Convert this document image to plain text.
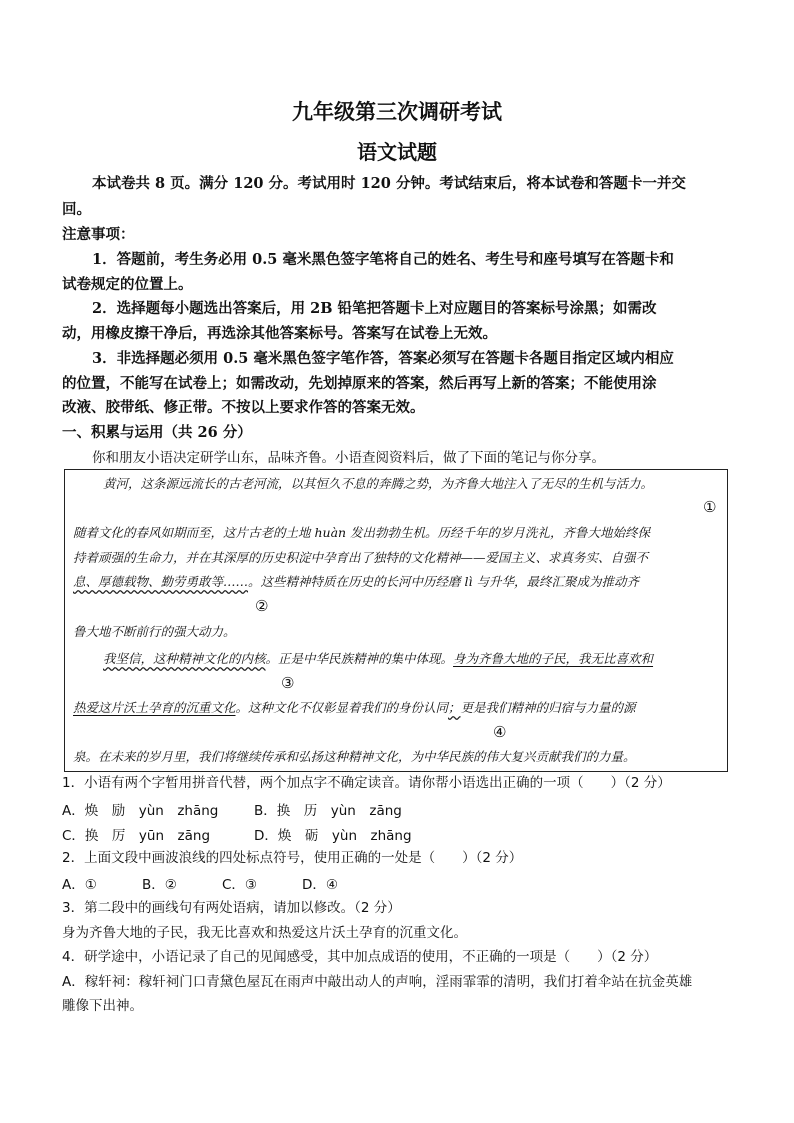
九年级第三次调研考试
语文试题
本试卷共 8 页。满分 120 分。考试用时 120 分钟。考试结束后，将本试卷和答题卡一并交
回。
注意事项：
1．答题前，考生务必用 0.5 毫米黑色签字笔将自己的姓名、考生号和座号填写在答题卡和
试卷规定的位置上。
2．选择题每小题选出答案后，用 2B 铅笔把答题卡上对应题目的答案标号涂黑；如需改
动，用橡皮擦干净后，再选涂其他答案标号。答案写在试卷上无效。
3．非选择题必须用 0.5 毫米黑色签字笔作答，答案必须写在答题卡各题目指定区域内相应
的位置，不能写在试卷上；如需改动，先划掉原来的答案，然后再写上新的答案；不能使用涂
改液、胶带纸、修正带。不按以上要求作答的答案无效。
一、积累与运用（共 26 分）
你和朋友小语决定研学山东，品味齐鲁。小语查阅资料后，做了下面的笔记与你分享。
黄河，这条源远流长的古老河流，以其恒久不息的奔腾之势，为齐鲁大地注入了无尽的生机与活力。
①
随着文化的春风如期而至，这片古老的土地 huàn 发出勃勃生机。历经千年的岁月洗礼，齐鲁大地始终保
持着顽强的生命力，并在其深厚的历史积淀中孕育出了独特的文化精神——爱国主义、求真务实、自强不
息、厚德载物、勤劳勇敢等……。这些精神特质在历史的长河中历经磨 lì 与升华，最终汇聚成为推动齐
②
鲁大地不断前行的强大动力。
我坚信，这种精神文化的内核。正是中华民族精神的集中体现。身为齐鲁大地的子民，我无比喜欢和
③
热爱这片沃土孕育的沉重文化。这种文化不仅彰显着我们的身份认同；更是我们精神的归宿与力量的源
④
泉。在未来的岁月里，我们将继续传承和弘扬这种精神文化，为中华民族的伟大复兴贡献我们的力量。
1．小语有两个字暂用拼音代替，两个加点字不确定读音。请你帮小语选出正确的一项（　　）（2 分）
A．焕　励　yùn　zhāng	B．换　历　yùn　zāng
C．换　厉　yūn　zāng	D．焕　砺　yùn　zhāng
2．上面文段中画波浪线的四处标点符号，使用正确的一处是（　　）（2 分）
A．①	B．②	C．③	D．④
3．第二段中的画线句有两处语病，请加以修改。（2 分）
身为齐鲁大地的子民，我无比喜欢和热爱这片沃土孕育的沉重文化。
4．研学途中，小语记录了自己的见闻感受，其中加点成语的使用，不正确的一项是（　　）（2 分）
A．稼轩祠：稼轩祠门口青黛色屋瓦在雨声中敲出动人的声响，淫雨霏霏的清明，我们打着伞站在抗金英雄
雕像下出神。
